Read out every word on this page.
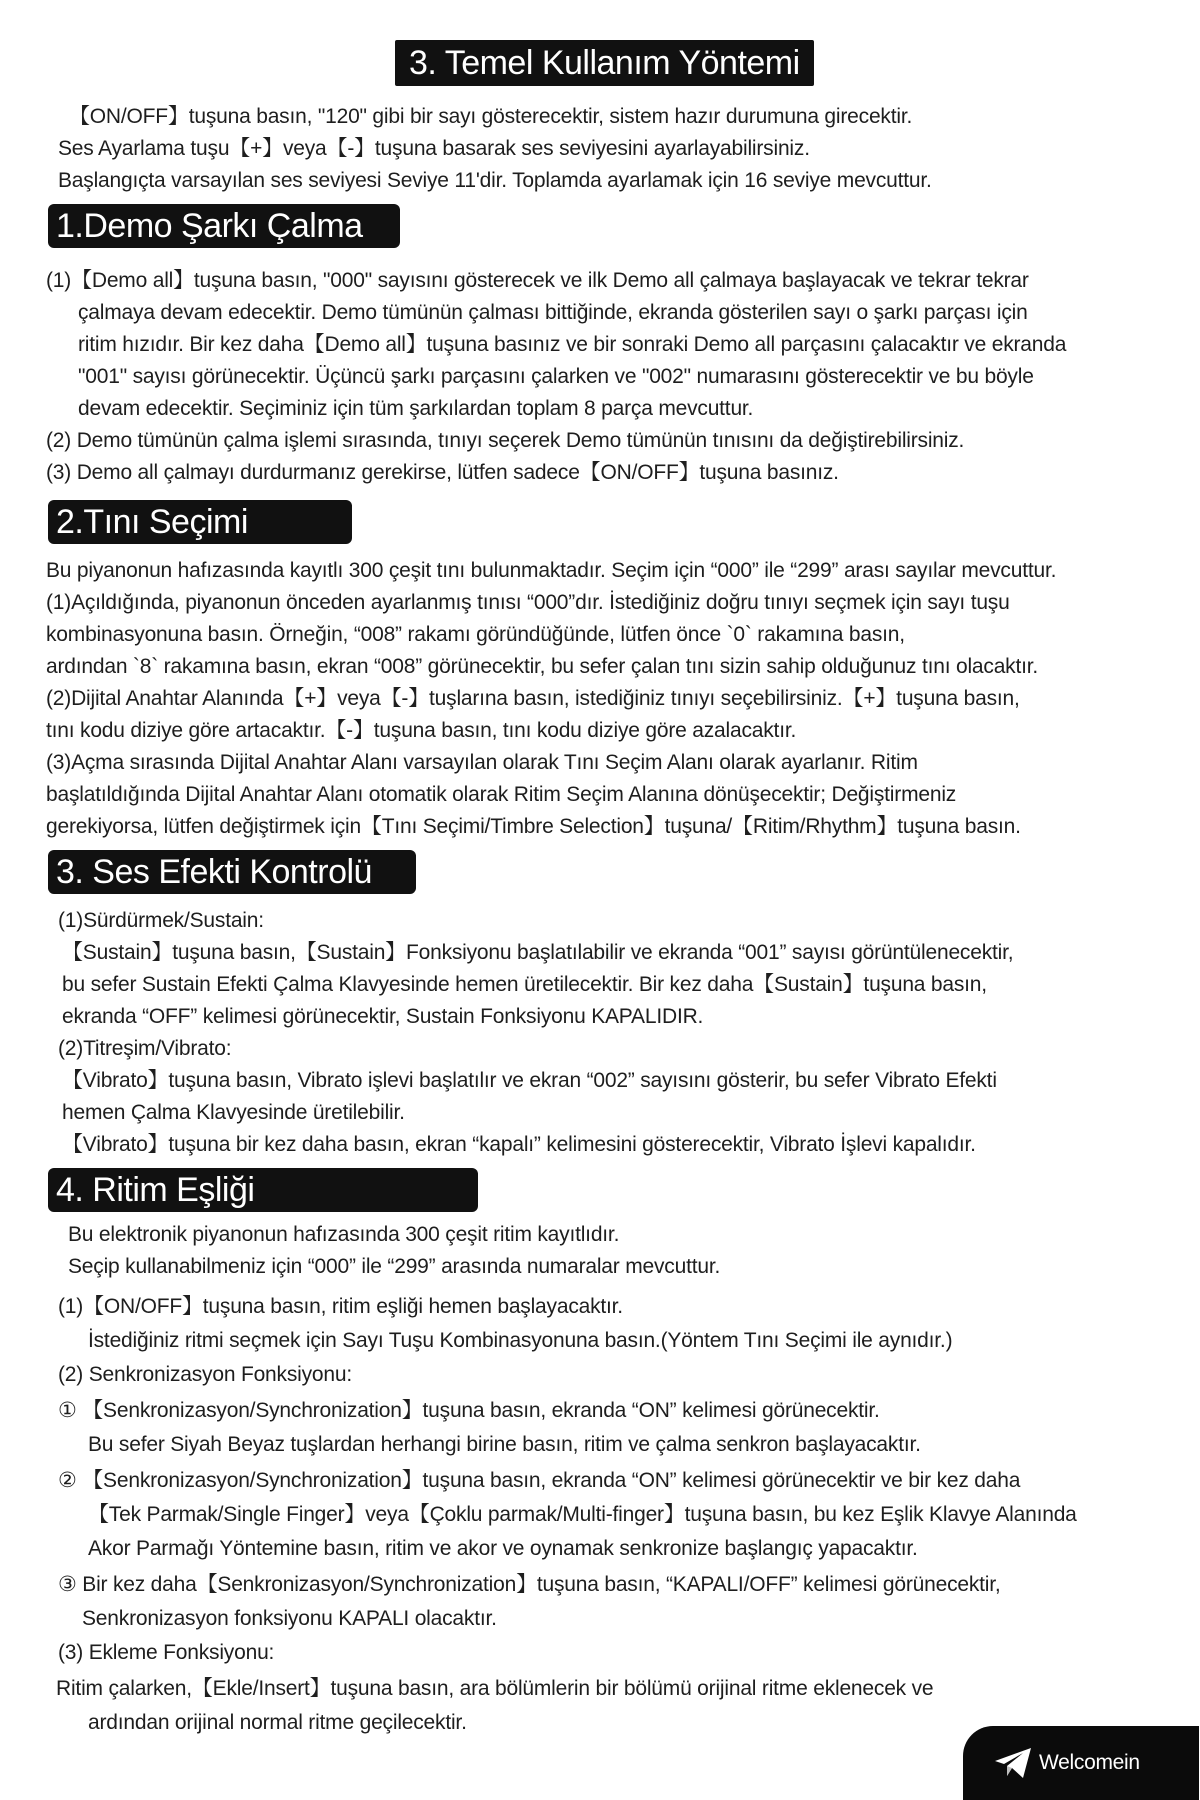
3. Temel Kullanım Yöntemi
【ON/OFF】tuşuna basın, "120" gibi bir sayı gösterecektir, sistem hazır durumuna girecektir.
Ses Ayarlama tuşu【+】veya【-】tuşuna basarak ses seviyesini ayarlayabilirsiniz.
Başlangıçta varsayılan ses seviyesi Seviye 11'dir. Toplamda ayarlamak için 16 seviye mevcuttur.
1.Demo Şarkı Çalma
(1)【Demo all】tuşuna basın, "000" sayısını gösterecek ve ilk Demo all çalmaya başlayacak ve tekrar tekrar
çalmaya devam edecektir. Demo tümünün çalması bittiğinde, ekranda gösterilen sayı o şarkı parçası için
ritim hızıdır. Bir kez daha【Demo all】tuşuna basınız ve bir sonraki Demo all parçasını çalacaktır ve ekranda
"001" sayısı görünecektir. Üçüncü şarkı parçasını çalarken ve "002" numarasını gösterecektir ve bu böyle
devam edecektir. Seçiminiz için tüm şarkılardan toplam 8 parça mevcuttur.
(2) Demo tümünün çalma işlemi sırasında, tınıyı seçerek Demo tümünün tınısını da değiştirebilirsiniz.
(3) Demo all çalmayı durdurmanız gerekirse, lütfen sadece【ON/OFF】tuşuna basınız.
2.Tını Seçimi
Bu piyanonun hafızasında kayıtlı 300 çeşit tını bulunmaktadır. Seçim için “000” ile “299” arası sayılar mevcuttur.
(1)Açıldığında, piyanonun önceden ayarlanmış tınısı “000”dır. İstediğiniz doğru tınıyı seçmek için sayı tuşu
kombinasyonuna basın. Örneğin, “008” rakamı göründüğünde, lütfen önce `0` rakamına basın,
ardından `8` rakamına basın, ekran “008” görünecektir, bu sefer çalan tını sizin sahip olduğunuz tını olacaktır.
(2)Dijital Anahtar Alanında【+】veya【-】tuşlarına basın, istediğiniz tınıyı seçebilirsiniz.【+】tuşuna basın,
tını kodu diziye göre artacaktır.【-】tuşuna basın, tını kodu diziye göre azalacaktır.
(3)Açma sırasında Dijital Anahtar Alanı varsayılan olarak Tını Seçim Alanı olarak ayarlanır. Ritim
başlatıldığında Dijital Anahtar Alanı otomatik olarak Ritim Seçim Alanına dönüşecektir; Değiştirmeniz
gerekiyorsa, lütfen değiştirmek için【Tını Seçimi/Timbre Selection】tuşuna/【Ritim/Rhythm】tuşuna basın.
3. Ses Efekti Kontrolü
(1)Sürdürmek/Sustain:
【Sustain】tuşuna basın,【Sustain】Fonksiyonu başlatılabilir ve ekranda “001” sayısı görüntülenecektir,
bu sefer Sustain Efekti Çalma Klavyesinde hemen üretilecektir. Bir kez daha【Sustain】tuşuna basın,
ekranda “OFF” kelimesi görünecektir, Sustain Fonksiyonu KAPALIDIR.
(2)Titreşim/Vibrato:
【Vibrato】tuşuna basın, Vibrato işlevi başlatılır ve ekran “002” sayısını gösterir, bu sefer Vibrato Efekti
hemen Çalma Klavyesinde üretilebilir.
【Vibrato】tuşuna bir kez daha basın, ekran “kapalı” kelimesini gösterecektir, Vibrato İşlevi kapalıdır.
4. Ritim Eşliği
Bu elektronik piyanonun hafızasında 300 çeşit ritim kayıtlıdır.
Seçip kullanabilmeniz için “000” ile “299” arasında numaralar mevcuttur.
(1)【ON/OFF】tuşuna basın, ritim eşliği hemen başlayacaktır.
İstediğiniz ritmi seçmek için Sayı Tuşu Kombinasyonuna basın.(Yöntem Tını Seçimi ile aynıdır.)
(2) Senkronizasyon Fonksiyonu:
① 【Senkronizasyon/Synchronization】tuşuna basın, ekranda “ON” kelimesi görünecektir.
Bu sefer Siyah Beyaz tuşlardan herhangi birine basın, ritim ve çalma senkron başlayacaktır.
② 【Senkronizasyon/Synchronization】tuşuna basın, ekranda “ON” kelimesi görünecektir ve bir kez daha
【Tek Parmak/Single Finger】veya【Çoklu parmak/Multi-finger】tuşuna basın, bu kez Eşlik Klavye Alanında
Akor Parmağı Yöntemine basın, ritim ve akor ve oynamak senkronize başlangıç yapacaktır.
③ Bir kez daha【Senkronizasyon/Synchronization】tuşuna basın, “KAPALI/OFF” kelimesi görünecektir,
Senkronizasyon fonksiyonu KAPALI olacaktır.
(3) Ekleme Fonksiyonu:
Ritim çalarken,【Ekle/Insert】tuşuna basın, ara bölümlerin bir bölümü orijinal ritme eklenecek ve
ardından orijinal normal ritme geçilecektir.
Welcomein
